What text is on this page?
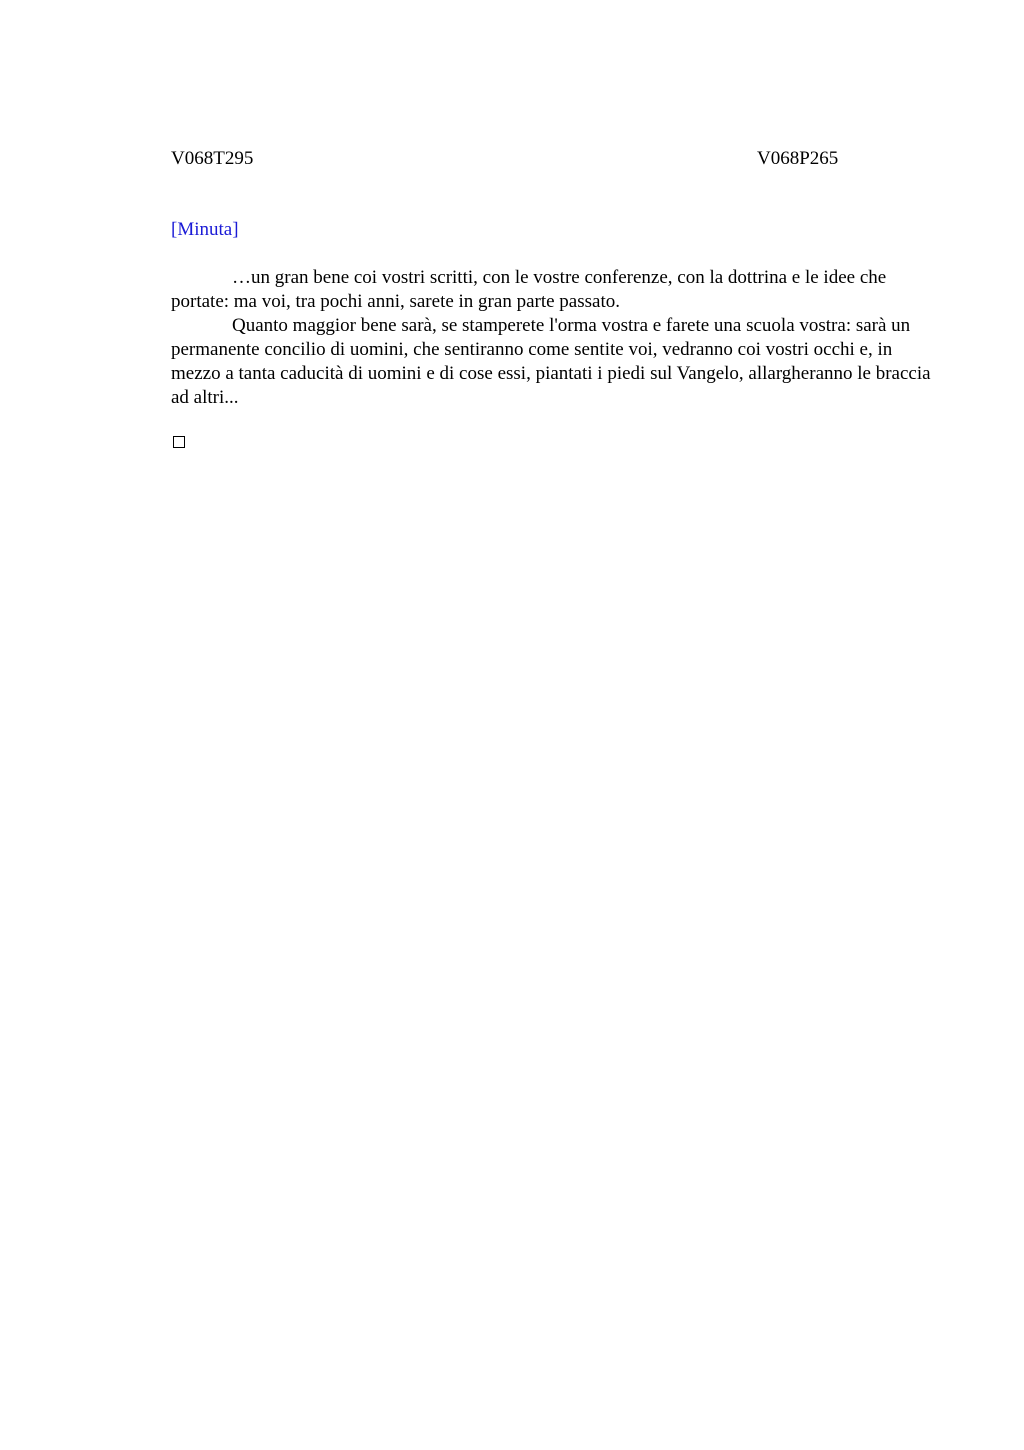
V068T295	V068P265
[Minuta]

…un gran bene coi vostri scritti, con le vostre conferenze, con la dottrina e le idee che portate: ma voi, tra pochi anni, sarete in gran parte passato.

Quanto maggior bene sarà, se stamperete l'orma vostra e farete una scuola vostra: sarà un permanente concilio di uomini, che sentiranno come sentite voi, vedranno coi vostri occhi e, in mezzo a tanta caducità di uomini e di cose essi, piantati i piedi sul Vangelo, allargheranno le braccia ad altri...
